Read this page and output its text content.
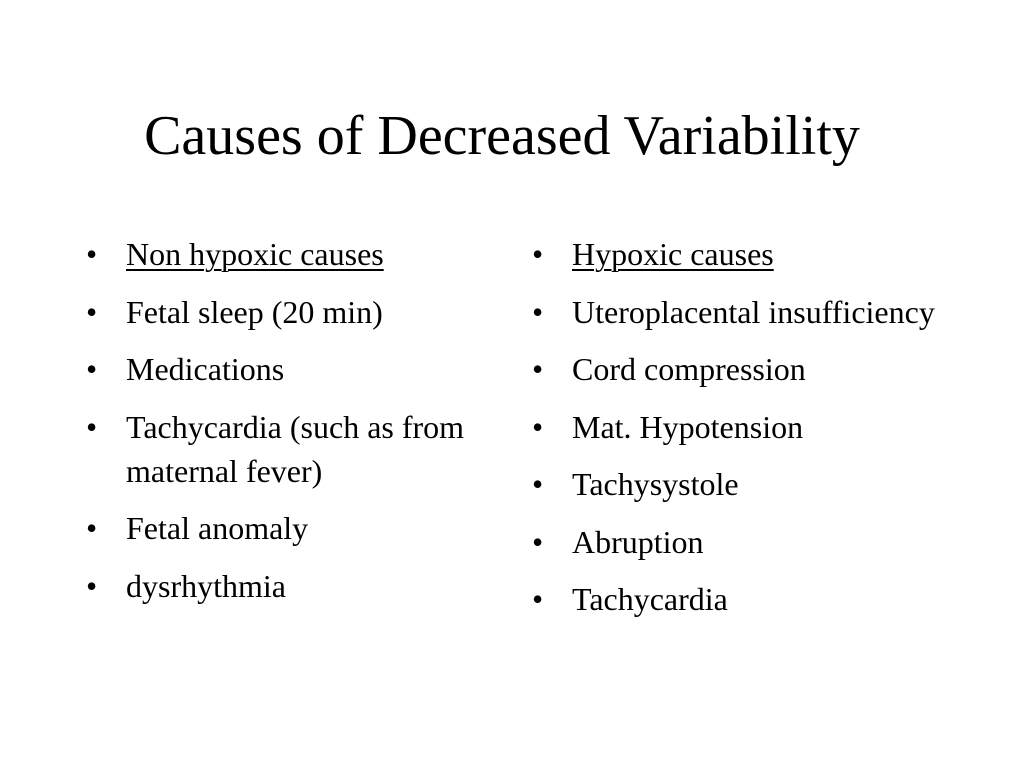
Causes of Decreased Variability
• Non hypoxic causes
• Fetal sleep (20 min)
• Medications
• Tachycardia (such as from maternal fever)
• Fetal anomaly
• dysrhythmia
• Hypoxic causes
• Uteroplacental insufficiency
• Cord compression
• Mat. Hypotension
• Tachysystole
• Abruption
• Tachycardia
